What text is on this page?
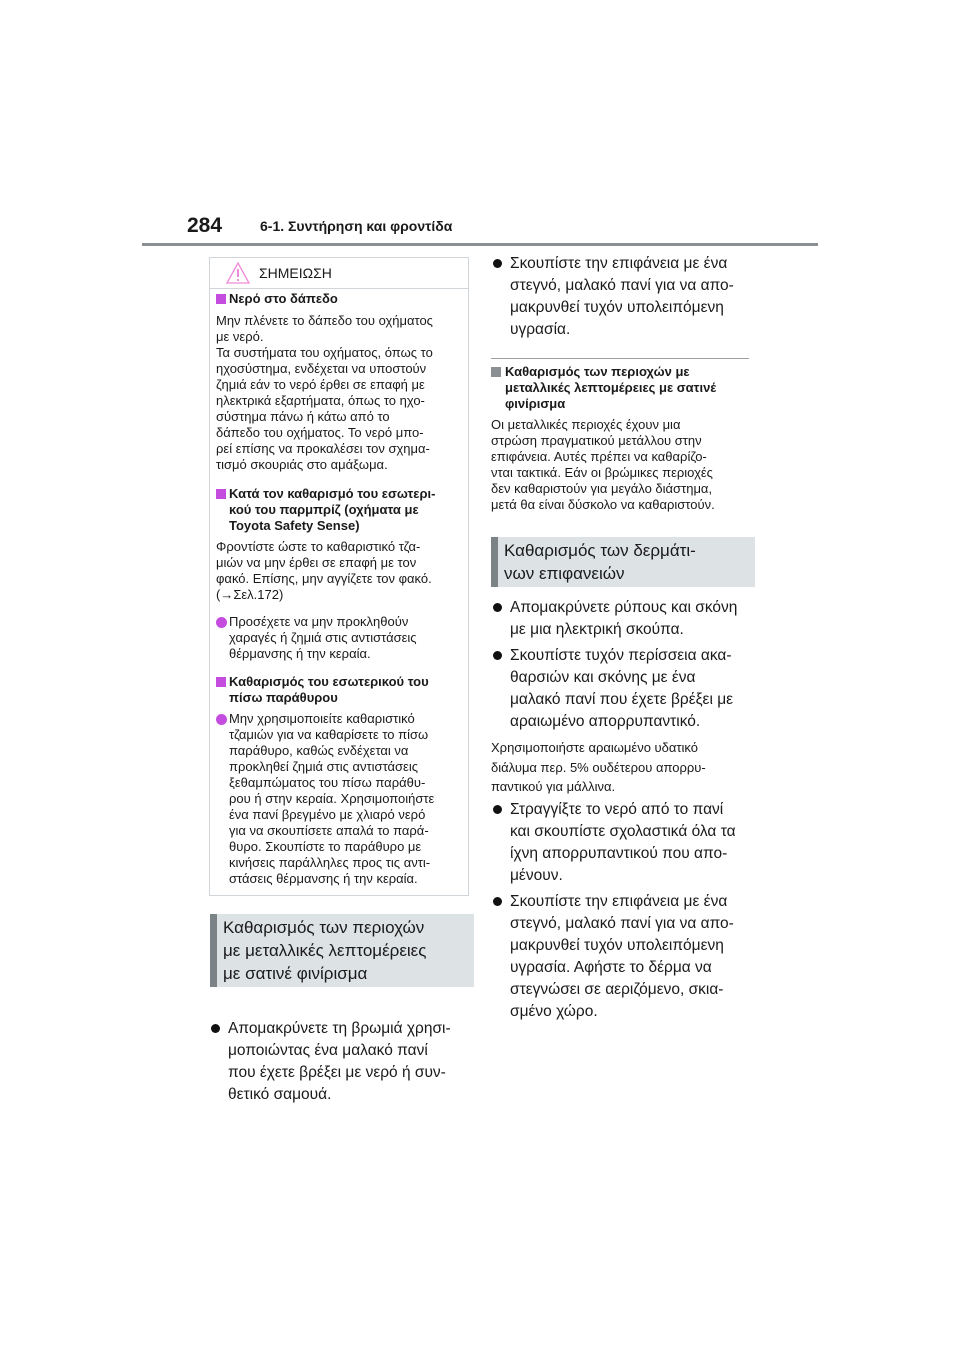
284	6-1. Συντήρηση και φροντίδα
ΣΗΜΕΙΩΣΗ
Νερό στο δάπεδο
Μην πλένετε το δάπεδο του οχήματος
με νερό.
Τα συστήματα του οχήματος, όπως το
ηχοσύστημα, ενδέχεται να υποστούν
ζημιά εάν το νερό έρθει σε επαφή με
ηλεκτρικά εξαρτήματα, όπως το ηχο-
σύστημα πάνω ή κάτω από το
δάπεδο του οχήματος. Το νερό μπο-
ρεί επίσης να προκαλέσει τον σχημα-
τισμό σκουριάς στο αμάξωμα.
Κατά τον καθαρισμό του εσωτερι-
κού του παρμπρίζ (οχήματα με
Toyota Safety Sense)
Φροντίστε ώστε το καθαριστικό τζα-
μιών να μην έρθει σε επαφή με τον
φακό. Επίσης, μην αγγίζετε τον φακό.
(→Σελ.172)
Προσέχετε να μην προκληθούν
χαραγές ή ζημιά στις αντιστάσεις
θέρμανσης ή την κεραία.
Καθαρισμός του εσωτερικού του
πίσω παράθυρου
Μην χρησιμοποιείτε καθαριστικό
τζαμιών για να καθαρίσετε το πίσω
παράθυρο, καθώς ενδέχεται να
προκληθεί ζημιά στις αντιστάσεις
ξεθαμπώματος του πίσω παράθυ-
ρου ή στην κεραία. Χρησιμοποιήστε
ένα πανί βρεγμένο με χλιαρό νερό
για να σκουπίσετε απαλά το παρά-
θυρο. Σκουπίστε το παράθυρο με
κινήσεις παράλληλες προς τις αντι-
στάσεις θέρμανσης ή την κεραία.
Καθαρισμός των περιοχών
με μεταλλικές λεπτομέρειες
με σατινέ φινίρισμα
Απομακρύνετε τη βρωμιά χρησι-
μοποιώντας ένα μαλακό πανί
που έχετε βρέξει με νερό ή συν-
θετικό σαμουά.
Σκουπίστε την επιφάνεια με ένα
στεγνό, μαλακό πανί για να απο-
μακρυνθεί τυχόν υπολειπόμενη
υγρασία.
Καθαρισμός των περιοχών με
μεταλλικές λεπτομέρειες με σατινέ
φινίρισμα
Οι μεταλλικές περιοχές έχουν μια
στρώση πραγματικού μετάλλου στην
επιφάνεια. Αυτές πρέπει να καθαρίζο-
νται τακτικά. Εάν οι βρώμικες περιοχές
δεν καθαριστούν για μεγάλο διάστημα,
μετά θα είναι δύσκολο να καθαριστούν.
Καθαρισμός των δερμάτι-
νων επιφανειών
Απομακρύνετε ρύπους και σκόνη
με μια ηλεκτρική σκούπα.
Σκουπίστε τυχόν περίσσεια ακα-
θαρσιών και σκόνης με ένα
μαλακό πανί που έχετε βρέξει με
αραιωμένο απορρυπαντικό.
Χρησιμοποιήστε αραιωμένο υδατικό
διάλυμα περ. 5% ουδέτερου απορρυ-
παντικού για μάλλινα.
Στραγγίξτε το νερό από το πανί
και σκουπίστε σχολαστικά όλα τα
ίχνη απορρυπαντικού που απο-
μένουν.
Σκουπίστε την επιφάνεια με ένα
στεγνό, μαλακό πανί για να απο-
μακρυνθεί τυχόν υπολειπόμενη
υγρασία. Αφήστε το δέρμα να
στεγνώσει σε αεριζόμενο, σκια-
σμένο χώρο.
